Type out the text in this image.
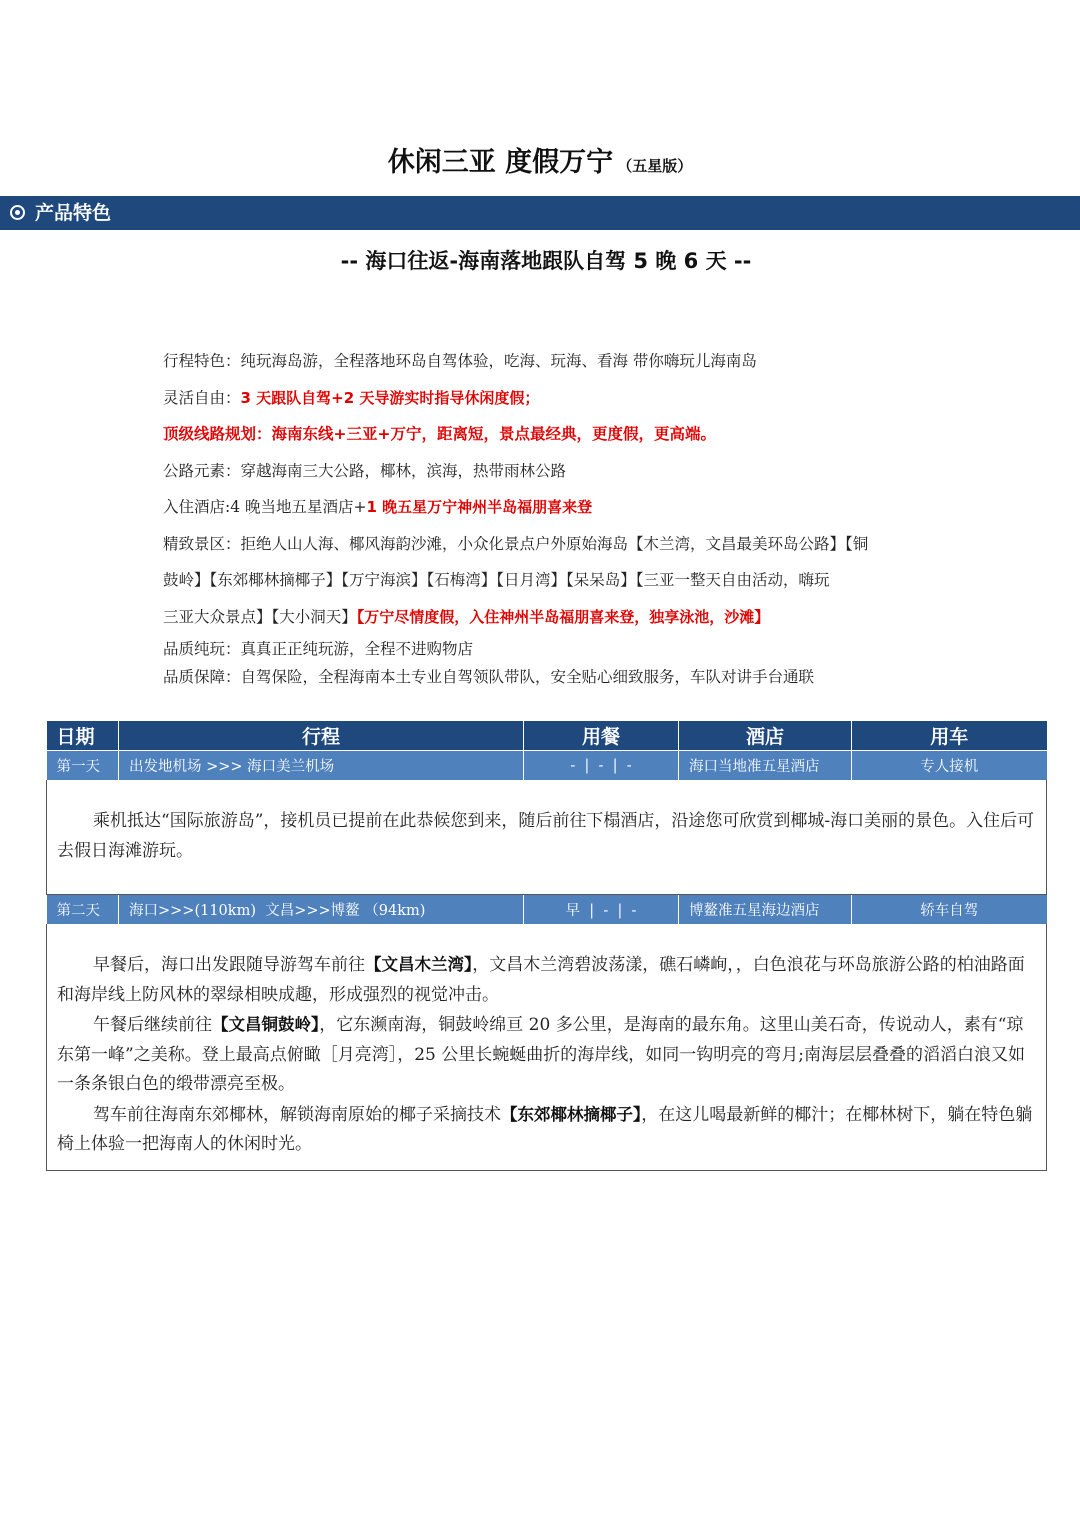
休闲三亚 度假万宁 （五星版）
产品特色
-- 海口往返-海南落地跟队自驾 5 晚 6 天 --
行程特色：纯玩海岛游，全程落地环岛自驾体验，吃海、玩海、看海 带你嗨玩儿海南岛
灵活自由：3 天跟队自驾+2 天导游实时指导休闲度假；
顶级线路规划：海南东线+三亚+万宁，距离短，景点最经典，更度假，更高端。
公路元素：穿越海南三大公路，椰林，滨海，热带雨林公路
入住酒店:4 晚当地五星酒店+1 晚五星万宁神州半岛福朋喜来登
精致景区：拒绝人山人海、椰风海韵沙滩，小众化景点户外原始海岛【木兰湾，文昌最美环岛公路】【铜
鼓岭】【东郊椰林摘椰子】【万宁海滨】【石梅湾】【日月湾】【呆呆岛】【三亚一整天自由活动，嗨玩
三亚大众景点】【大小洞天】【万宁尽情度假，入住神州半岛福朋喜来登，独享泳池，沙滩】
品质纯玩：真真正正纯玩游，全程不进购物店
品质保障：自驾保险，全程海南本土专业自驾领队带队，安全贴心细致服务，车队对讲手台通联
日期	行程	用餐	酒店	用车
第一天	出发地机场 >>> 海口美兰机场	-  |  -  |  -	海口当地准五星酒店	专人接机

乘机抵达“国际旅游岛”，接机员已提前在此恭候您到来，随后前往下榻酒店，沿途您可欣赏到椰城-海口美丽的景色。入住后可去假日海滩游玩。				

第二天	海口>>>(110km)  文昌>>>博鳌 （94km)	早  |  -  |  -	博鳌准五星海边酒店	轿车自驾

早餐后，海口出发跟随导游驾车前往【文昌木兰湾】，文昌木兰湾碧波荡漾，礁石嶙峋，，白色浪花与环岛旅游公路的柏油路面和海岸线上防风林的翠绿相映成趣，形成强烈的视觉冲击。

午餐后继续前往【文昌铜鼓岭】，它东濒南海，铜鼓岭绵亘 20 多公里，是海南的最东角。这里山美石奇，传说动人，素有“琼东第一峰”之美称。登上最高点俯瞰［月亮湾］，25 公里长蜿蜒曲折的海岸线，如同一钩明亮的弯月;南海层层叠叠的滔滔白浪又如一条条银白色的缎带漂亮至极。

驾车前往海南东郊椰林，解锁海南原始的椰子采摘技术【东郊椰林摘椰子】，在这儿喝最新鲜的椰汁；在椰林树下，躺在特色躺椅上体验一把海南人的休闲时光。				
